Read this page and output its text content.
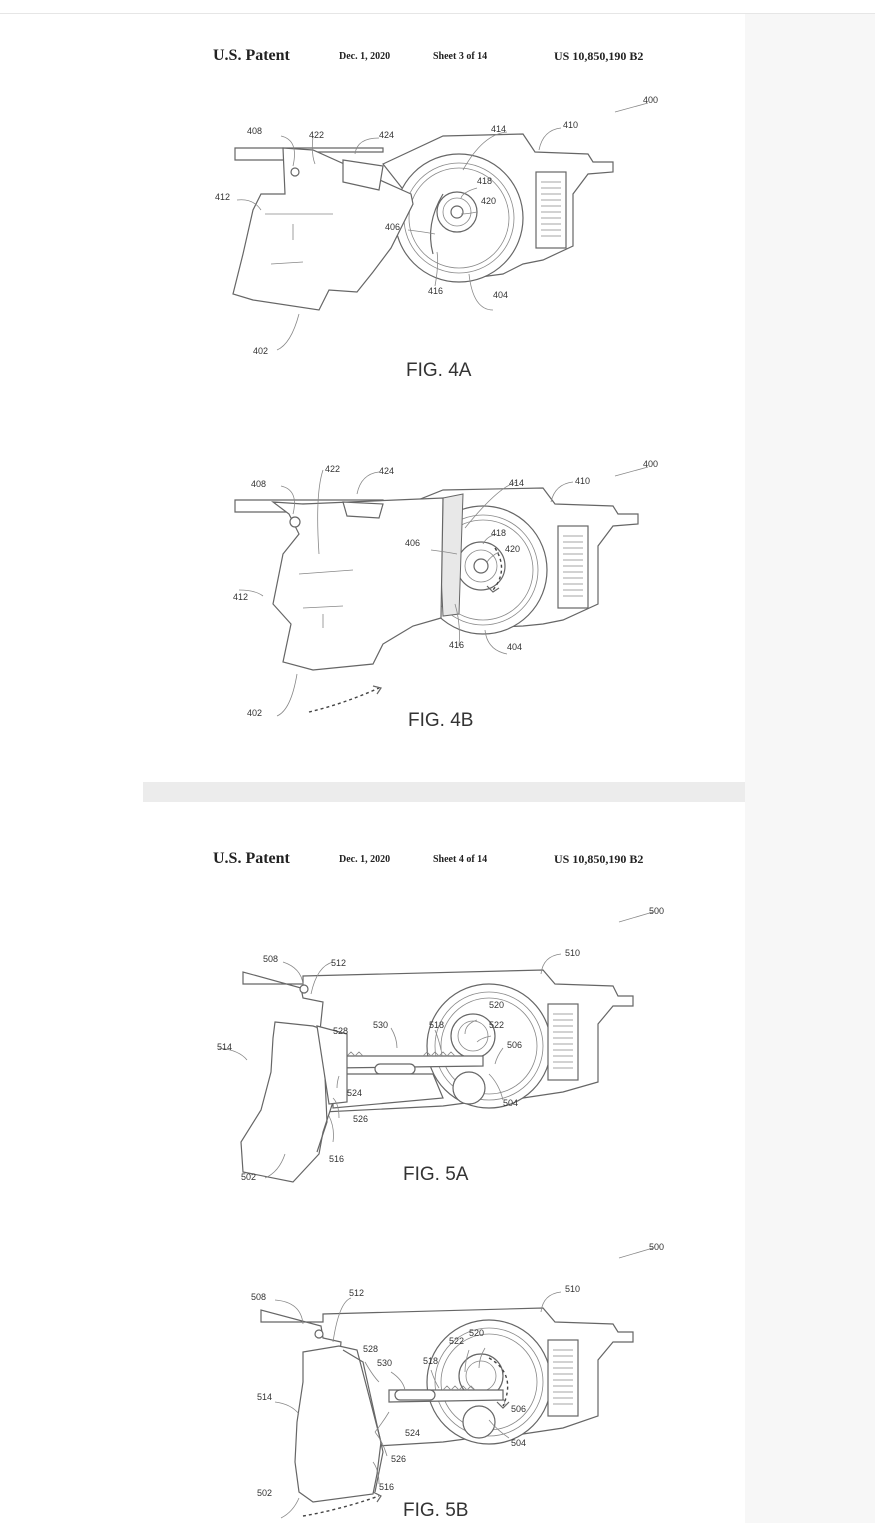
U.S. Patent	Dec. 1, 2020	Sheet 3 of 14	US 10,850,190 B2
400
408	422	424
414	410
412
418
420
406
416	404
402
FIG. 4A
400
408
422	424
414	410
412
418
420
406
416	404
402	FIG. 4B
U.S. Patent	Dec. 1, 2020	Sheet 4 of 14	US 10,850,190 B2
500
508	512
510
520
528
530	518	522
514	506
524
504
526
516
502	FIG. 5A
500
508	512	510
520
528
522
530	518
514
506
524
504
526
516
502
FIG. 5B
